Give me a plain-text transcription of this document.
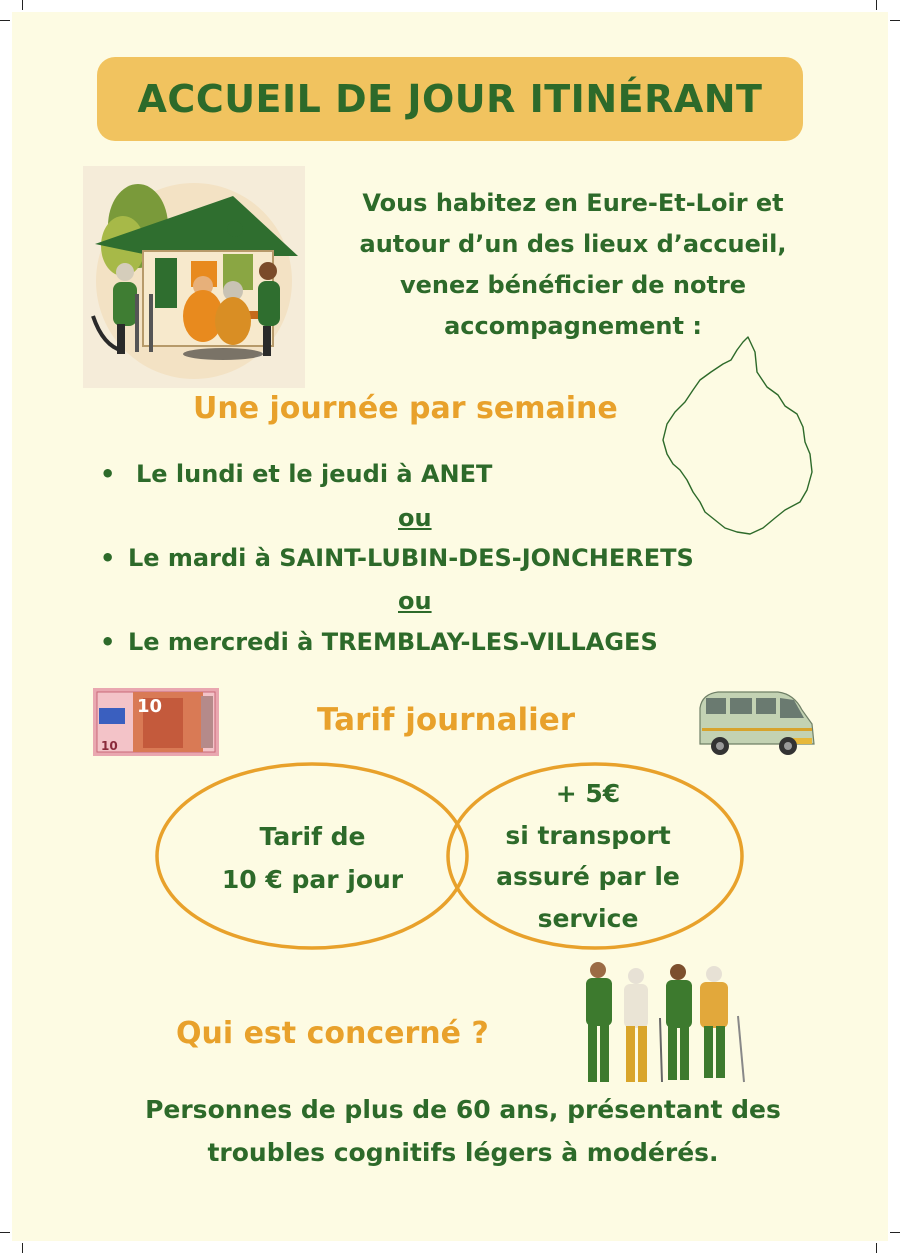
ACCUEIL DE JOUR ITINÉRANT

Vous habitez en Eure-Et-Loir et

autour d’un des lieux d’accueil,

venez bénéficier de notre

accompagnement :

Une journée par semaine
• Le lundi et le jeudi à ANET
ou
• Le mardi à SAINT-LUBIN-DES-JONCHERETS
ou
• Le mercredi à TREMBLAY-LES-VILLAGES
10
10
Tarif journalier
Tarif de
10 € par jour
+ 5€
si transport
assuré par le
service
Qui est concerné ?
Personnes de plus de 60 ans, présentant des
troubles cognitifs légers à modérés.
